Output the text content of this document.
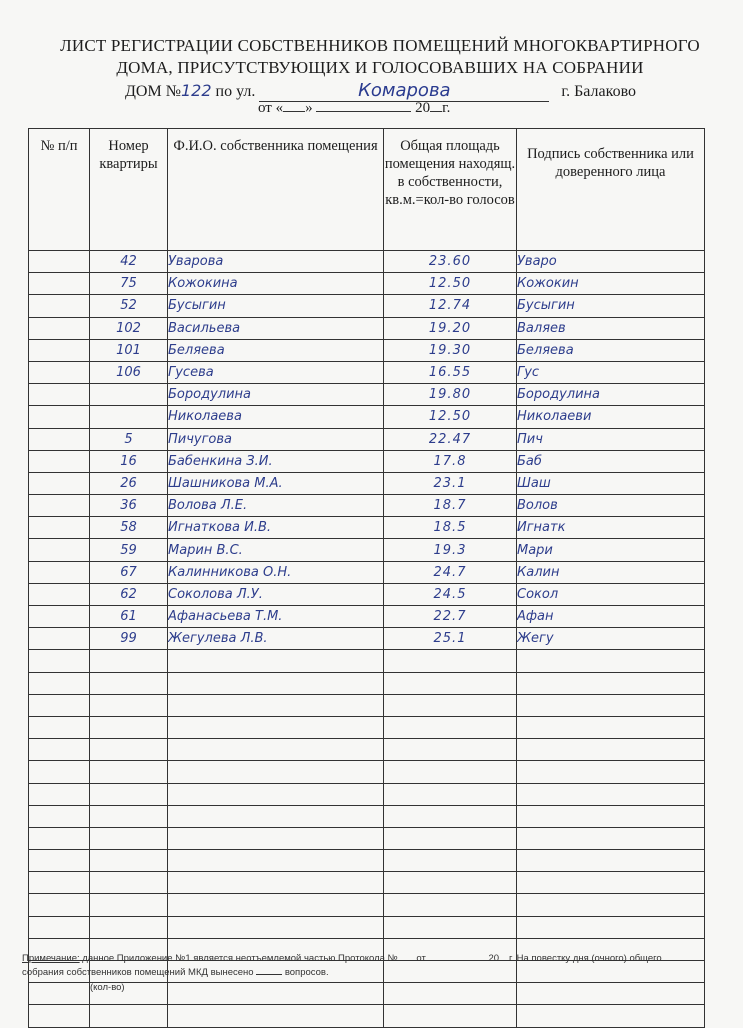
ЛИСТ РЕГИСТРАЦИИ СОБСТВЕННИКОВ ПОМЕЩЕНИЙ МНОГОКВАРТИРНОГО
ДОМА, ПРИСУТСТВУЮЩИХ И ГОЛОСОВАВШИХ НА СОБРАНИИ
ДОМ №122 по ул.	Комарова	г. Балаково
от « »	20 г.
№ п/п	Номер квартиры	Ф.И.О. собственника помещения	Общая площадь помещения находящ. в собственности, кв.м.=кол-во голосов	Подпись собственника или доверенного лица
	42	Уварова	23.60	Уваро
	75	Кожокина	12.50	Кожокин
	52	Бусыгин	12.74	Бусыгин
	102	Васильева	19.20	Валяев
	101	Беляева	19.30	Беляева
	106	Гусева	16.55	Гус
		Бородулина	19.80	Бородулина
		Николаева	12.50	Николаеви
	5	Пичугова	22.47	Пич
	16	Бабенкина З.И.	17.8	Баб
	26	Шашникова М.А.	23.1	Шаш
	36	Волова Л.Е.	18.7	Волов
	58	Игнаткова И.В.	18.5	Игнатк
	59	Марин В.С.	19.3	Мари
	67	Калинникова О.Н.	24.7	Калин
	62	Соколова Л.У.	24.5	Сокол
	61	Афанасьева Т.М.	22.7	Афан
	99	Жегулева Л.В.	25.1	Жегу

Примечание: данное Приложение №1 является неотъемлемой частью Протокола № от	20 г. На повестку дня (очного) общего
собрания собственников помещений МКД вынесено	вопросов.
(кол-во)
